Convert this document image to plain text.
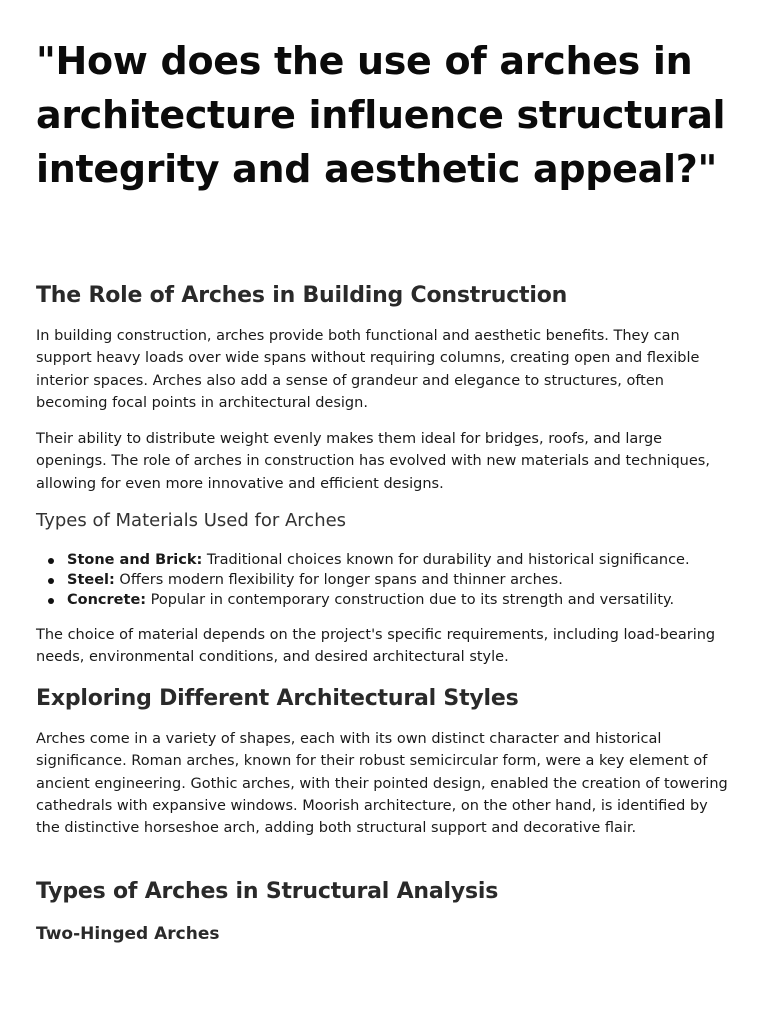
"How does the use of arches in architecture influence structural integrity and aesthetic appeal?"
The Role of Arches in Building Construction

In building construction, arches provide both functional and aesthetic benefits. They can support heavy loads over wide spans without requiring columns, creating open and flexible interior spaces. Arches also add a sense of grandeur and elegance to structures, often becoming focal points in architectural design.

Their ability to distribute weight evenly makes them ideal for bridges, roofs, and large openings. The role of arches in construction has evolved with new materials and techniques, allowing for even more innovative and efficient designs.

Types of Materials Used for Arches
Stone and Brick: Traditional choices known for durability and historical significance.
Steel: Offers modern flexibility for longer spans and thinner arches.
Concrete: Popular in contemporary construction due to its strength and versatility.

The choice of material depends on the project's specific requirements, including load-bearing needs, environmental conditions, and desired architectural style.

Exploring Different Architectural Styles

Arches come in a variety of shapes, each with its own distinct character and historical significance. Roman arches, known for their robust semicircular form, were a key element of ancient engineering. Gothic arches, with their pointed design, enabled the creation of towering cathedrals with expansive windows. Moorish architecture, on the other hand, is identified by the distinctive horseshoe arch, adding both structural support and decorative flair.

Types of Arches in Structural Analysis
Two-Hinged Arches
